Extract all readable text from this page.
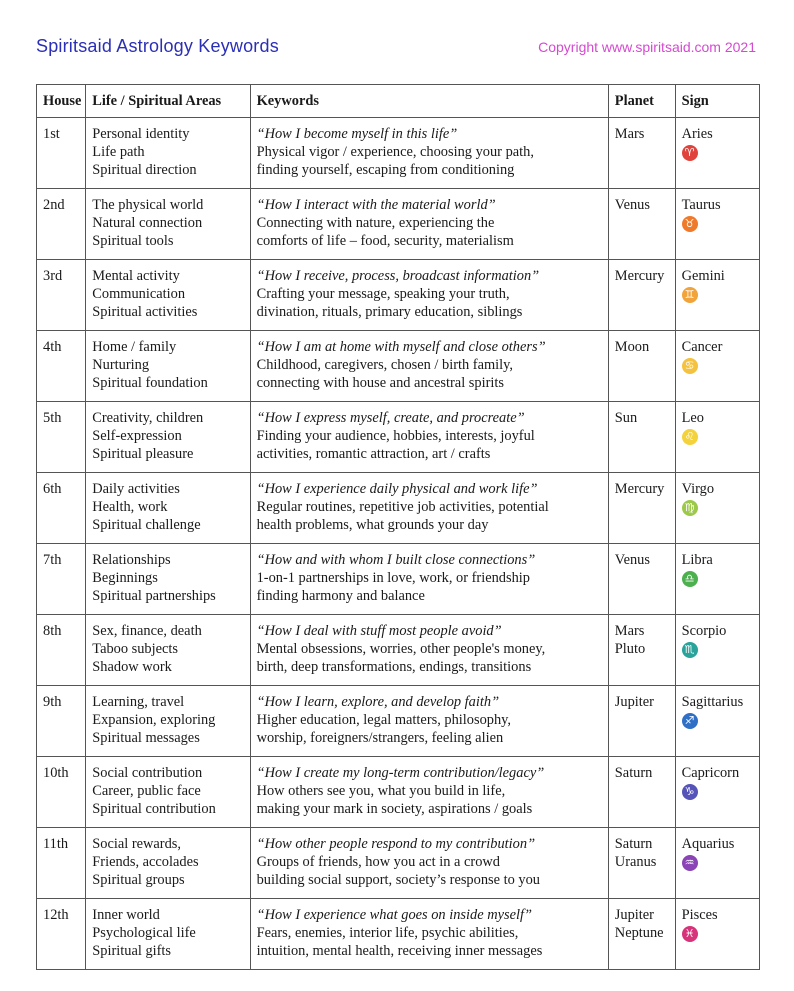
Spiritsaid Astrology Keywords	Copyright www.spiritsaid.com 2021
House	Life / Spiritual Areas	Keywords	Planet	Sign
1st	Personal identity
Life path
Spiritual direction	“How I become myself in this life”
Physical vigor / experience, choosing your path,
finding yourself, escaping from conditioning	Mars	Aries
♈
2nd	The physical world
Natural connection
Spiritual tools	“How I interact with the material world”
Connecting with nature, experiencing the
comforts of life – food, security, materialism	Venus	Taurus
♉
3rd	Mental activity
Communication
Spiritual activities	“How I receive, process, broadcast information”
Crafting your message, speaking your truth,
divination, rituals, primary education, siblings	Mercury	Gemini
♊
4th	Home / family
Nurturing
Spiritual foundation	“How I am at home with myself and close others”
Childhood, caregivers, chosen / birth family,
connecting with house and ancestral spirits	Moon	Cancer
♋
5th	Creativity, children
Self-expression
Spiritual pleasure	“How I express myself, create, and procreate”
Finding your audience, hobbies, interests, joyful
activities, romantic attraction, art / crafts	Sun	Leo
♌
6th	Daily activities
Health, work
Spiritual challenge	“How I experience daily physical and work life”
Regular routines, repetitive job activities, potential
health problems, what grounds your day	Mercury	Virgo
♍
7th	Relationships
Beginnings
Spiritual partnerships	“How and with whom I built close connections”
1-on-1 partnerships in love, work, or friendship
finding harmony and balance	Venus	Libra
♎
8th	Sex, finance, death
Taboo subjects
Shadow work	“How I deal with stuff most people avoid”
Mental obsessions, worries, other people's money,
birth, deep transformations, endings, transitions	Mars
Pluto	Scorpio
♏
9th	Learning, travel
Expansion, exploring
Spiritual messages	“How I learn, explore, and develop faith”
Higher education, legal matters, philosophy,
worship, foreigners/strangers, feeling alien	Jupiter	Sagittarius
♐
10th	Social contribution
Career, public face
Spiritual contribution	“How I create my long-term contribution/legacy”
How others see you, what you build in life,
making your mark in society, aspirations / goals	Saturn	Capricorn
♑
11th	Social rewards,
Friends, accolades
Spiritual groups	“How other people respond to my contribution”
Groups of friends, how you act in a crowd
building social support, society’s response to you	Saturn
Uranus	Aquarius
♒
12th	Inner world
Psychological life
Spiritual gifts	“How I experience what goes on inside myself”
Fears, enemies, interior life, psychic abilities,
intuition, mental health, receiving inner messages	Jupiter
Neptune	Pisces
♓
